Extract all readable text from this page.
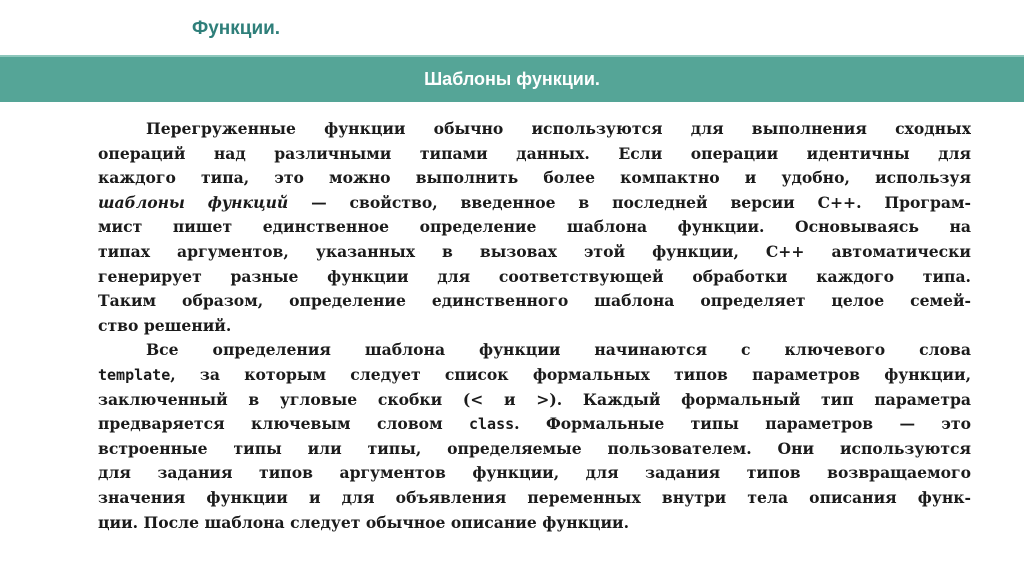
Функции.
Шаблоны функции.
Перегруженные функции обычно используются для выполнения сходных
операций над различными типами данных. Если операции идентичны для
каждого типа, это можно выполнить более компактно и удобно, используя
шаблоны функций — свойство, введенное в последней версии C++. Програм-
мист пишет единственное определение шаблона функции. Основываясь на
типах аргументов, указанных в вызовах этой функции, C++ автоматически
генерирует разные функции для соответствующей обработки каждого типа.
Таким образом, определение единственного шаблона определяет целое семей-
ство решений.
Все определения шаблона функции начинаются с ключевого слова
template, за которым следует список формальных типов параметров функции,
заключенный в угловые скобки (< и >). Каждый формальный тип параметра
предваряется ключевым словом class. Формальные типы параметров — это
встроенные типы или типы, определяемые пользователем. Они используются
для задания типов аргументов функции, для задания типов возвращаемого
значения функции и для объявления переменных внутри тела описания функ-
ции. После шаблона следует обычное описание функции.
